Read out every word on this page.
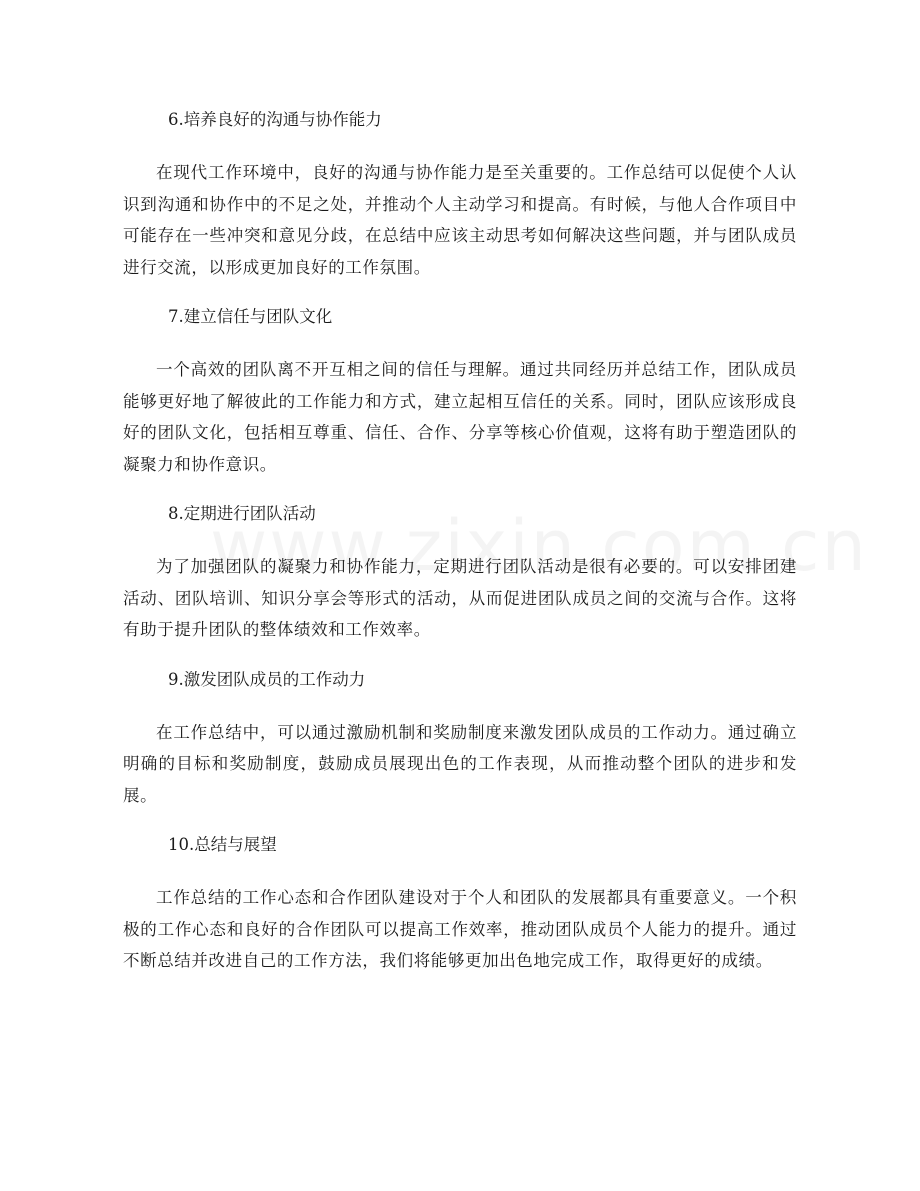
6.培养良好的沟通与协作能力

在现代工作环境中，良好的沟通与协作能力是至关重要的。工作总结可以促使个人认识到沟通和协作中的不足之处，并推动个人主动学习和提高。有时候，与他人合作项目中可能存在一些冲突和意见分歧，在总结中应该主动思考如何解决这些问题，并与团队成员进行交流，以形成更加良好的工作氛围。

7.建立信任与团队文化

一个高效的团队离不开互相之间的信任与理解。通过共同经历并总结工作，团队成员能够更好地了解彼此的工作能力和方式，建立起相互信任的关系。同时，团队应该形成良好的团队文化，包括相互尊重、信任、合作、分享等核心价值观，这将有助于塑造团队的凝聚力和协作意识。

8.定期进行团队活动

为了加强团队的凝聚力和协作能力，定期进行团队活动是很有必要的。可以安排团建活动、团队培训、知识分享会等形式的活动，从而促进团队成员之间的交流与合作。这将有助于提升团队的整体绩效和工作效率。

9.激发团队成员的工作动力

在工作总结中，可以通过激励机制和奖励制度来激发团队成员的工作动力。通过确立明确的目标和奖励制度，鼓励成员展现出色的工作表现，从而推动整个团队的进步和发展。

10.总结与展望

工作总结的工作心态和合作团队建设对于个人和团队的发展都具有重要意义。一个积极的工作心态和良好的合作团队可以提高工作效率，推动团队成员个人能力的提升。通过不断总结并改进自己的工作方法，我们将能够更加出色地完成工作，取得更好的成绩。
